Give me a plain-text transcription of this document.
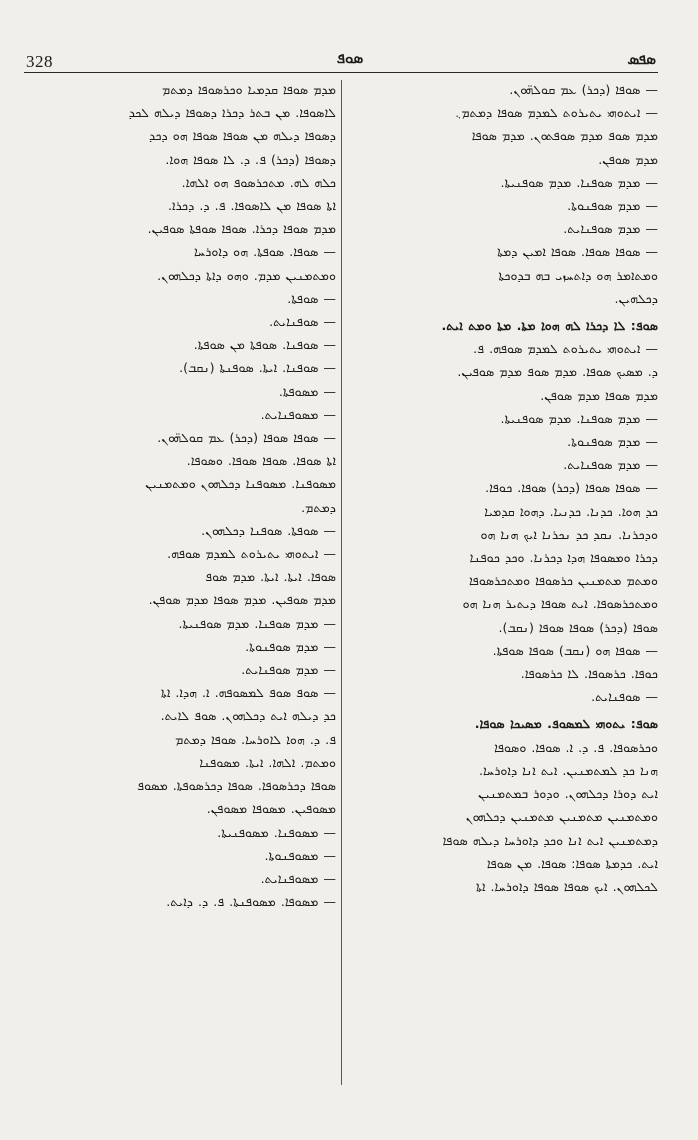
328	ܣܘܦ	ܣܦܣ
— ܣܘܦܐ (ܕܟܪ) ܥܡ ܩܘܠܗ̈ܘܢ.
— ܐܝܬܘܗܝ ܝܬܝܪܘܬ ܠܡܕܡ ܣܘܦܐ ܕܡܬܡ܆
ܡܕܡ ܣܘܦ ܡܕܡ ܣܘܦܬܘܢ. ܡܕܡ ܣܘܦܐ
ܡܕܡ ܣܘܦܢ.
— ܡܕܡ ܣܘܦܢܐ. ܡܕܡ ܣܘܦܢܝܬܐ.
— ܡܕܡ ܣܘܦܢܘܬܐ.
— ܡܕܡ ܣܘܦܢܐܝܬ.
— ܣܘܦܐ ܣܘܦܐ. ܣܘܦܐ ܐܡܝܢ ܕܡܬܐ
ܘܡܬܐܡܪ ܗܘ ܕܐܬܚܙܝ ܒܗ ܒܕܘܟܬܐ
ܕܟܠܗܝܢ.
ܣܘܦ: ܠܐ ܕܟܪܐ ܠܗ ܗܘܐ ܡܬܐ. ܡܬܐ ܘܡܬ ܐܝܬ.
— ܐܝܬܘܗܝ ܝܬܝܪܘܬ ܠܡܕܡ ܣܘܦܗ. ܦ.
ܕ. ܡܣܝܟ ܣܘܦܐ. ܡܕܡ ܣܘܦ ܡܕܡ ܣܘܦܝܢ.
ܡܕܡ ܣܘܦܐ ܡܕܡ ܣܘܦܢ.
— ܡܕܡ ܣܘܦܢܐ. ܡܕܡ ܣܘܦܢܝܬܐ.
— ܡܕܡ ܣܘܦܢܘܬܐ.
— ܡܕܡ ܣܘܦܢܐܝܬ.
— ܣܘܦܐ ܣܘܦܐ (ܕܟܪ) ܣܘܦܐ. ܟܘܦܐ.
ܟܕ ܗܘܐ. ܟܕܢܐ. ܟܕܢܝܐ. ܕܗܘܐ ܩܕܡܝܐ
ܘܕܟܪܢܐ. ܢܩܕ ܟܕ ܢܟܪܢܐ ܐܝܟ ܗܢܐ ܗܘ
ܕܟܪܐ ܘܡܣܘܦܐ ܗܕܐ ܕܟܪܢܐ. ܘܟܕ ܟܘܦܢܐ
ܘܡܬܡ ܡܬܡܢܝܢ ܟܪܣܘܦܐ ܘܡܬܟܪܣܘܦܐ
ܘܡܬܟܪܣܘܦܐ. ܐܝܬ ܣܘܦܐ ܕܝܬܝܪ ܗܢܐ ܗܘ
ܣܘܦܐ (ܕܟܪ) ܣܘܦܐ ܣܘܦܐ (ܢܩܒ).
— ܣܘܦܐ ܗܘ (ܢܩܒ) ܣܘܦܐ ܣܘܦܬܐ.
ܟܘܦܐ. ܟܪܣܘܦܐ. ܠܐ ܟܪܣܘܦܐ.
— ܣܘܦܢܐܝܬ.
ܣܘܦ: ܝܬܘܗܝ ܠܡܣܘܦ. ܡܣܝܟܐ ܣܘܦܐ.
ܘܟܪܣܘܦܐ. ܦ. ܕ. ܐ. ܣܘܦܐ. ܘܣܘܦܐ
ܗܢܐ ܟܕ ܠܡܬܡܢܝܢ. ܐܝܬ ܐܢܐ ܕܐܘܪܚܐ.
ܐܝܬ ܕܘܪܐ ܕܟܠܗܘܢ. ܘܕܘܪ ܒܡܬܡܢܝܢ
ܘܡܬܡܢܝܢ ܡܬܡܢܝܢ ܡܬܡܢܝܢ ܕܟܠܗܘܢ
ܕܡܬܡܢܝܢ ܐܝܬ ܐܢܐ ܘܟܕ ܕܐܘܪܚܐ ܕܝܠܗ ܣܘܦܐ
ܐܝܬ. ܟܕܡܬܐ ܣܘܦܐ: ܣܘܦܐ. ܡܢ ܣܘܦܐ
ܠܟܠܗܘܢ. ܐܝܟ ܣܘܦܐ ܣܘܦܐ ܕܐܘܪܚܐ. ܐܬܐ
ܡܕܡ ܣܘܦܐ ܩܕܡܝܐ ܘܟܪܣܘܦܐ ܕܡܬܡ
ܠܐܣܘܦܐ. ܡܢ ܒܬܪ ܕܟܪܐ ܕܣܘܦܐ ܕܝܠܗ ܠܟܕ
ܕܣܘܦܐ ܕܝܠܗ ܡܢ ܣܘܦܐ ܣܘܦܐ ܗܘ ܕܟܕ
ܕܣܘܦܐ (ܕܟܪ) ܦ. ܕ. ܠܐ ܣܘܦܐ ܗܘܐ.
ܟܠܗ ܠܗ. ܡܬܟܪܣܘܦ ܗܘ ܐܠܗܐ.
ܐܬܐ ܣܘܦܐ ܡܢ ܠܐܣܘܦܐ. ܦ. ܕ. ܕܟܪܐ.
ܡܕܡ ܣܘܦܐ ܕܟܪܐ. ܣܘܦܐ ܣܘܦܬܐ ܣܘܦܝܢ.
— ܣܘܦܐ. ܣܘܦܬܐ. ܗܘ ܕܐܘܪܚܐ
ܘܡܬܡܢܝܢ ܡܕܡ. ܘܗܘ ܕܐܬܐ ܕܟܠܗܘܢ.
— ܣܘܦܬܐ.
— ܣܘܦܢܐܝܬ.
— ܣܘܦܢܐ. ܣܘܦܬܐ ܡܢ ܣܘܦܬܐ.
— ܣܘܦܢܐ. ܐܝܬܐ. ܣܘܦܢܬܐ (ܢܩܒ).
— ܡܣܘܦܬܐ.
— ܡܣܘܦܢܐܝܬ.
— ܣܘܦܐ ܣܘܦܐ (ܕܟܪ) ܥܡ ܩܘܠܗ̈ܘܢ.
ܐܬܐ ܣܘܦܐ. ܣܘܦܐ ܣܘܦܐ. ܘܣܘܦܐ.
ܡܣܘܦܢܐ. ܡܣܘܦܢܐ ܕܟܠܗܘܢ ܘܡܬܡܢܝܢ
ܕܡܬܡ.
— ܣܘܦܬܐ. ܣܘܦܢܐ ܕܟܠܗܘܢ.
— ܐܝܬܘܗܝ ܝܬܝܪܘܬ ܠܡܕܡ ܣܘܦܗ.
ܣܘܦܐ. ܐܝܬܐ. ܐܝܬܐ. ܡܕܡ ܣܘܦ
ܡܕܡ ܣܘܦܝܢ. ܡܕܡ ܣܘܦܐ ܡܕܡ ܣܘܦܢ.
— ܡܕܡ ܣܘܦܢܐ. ܡܕܡ ܣܘܦܢܝܬܐ.
— ܡܕܡ ܣܘܦܢܘܬܐ.
— ܡܕܡ ܣܘܦܢܐܝܬ.
— ܣܘܦ ܣܘܦ ܠܡܣܘܦܗ. ܐ. ܗܕܐ. ܐܬܐ
ܟܕ ܕܝܠܗ ܐܝܬ ܕܟܠܗܘܢ. ܣܘܦ ܠܐܝܬ.
ܦ. ܕ. ܗܘܐ ܠܐܘܪܚܐ. ܣܘܦܐ ܕܡܬܡ
ܘܡܬܡ. ܐܠܗܐ. ܐܝܬܐ. ܡܣܘܦܢܐ
ܣܘܦܐ ܕܟܪܣܘܦܐ. ܣܘܦܐ ܕܟܪܣܘܦܬܐ. ܡܣܘܦ
ܡܣܘܦܝܢ. ܡܣܘܦܐ ܡܣܘܦܢ.
— ܡܣܘܦܢܐ. ܡܣܘܦܢܝܬܐ.
— ܡܣܘܦܢܘܬܐ.
— ܡܣܘܦܢܐܝܬ.
— ܡܣܘܦܐ. ܡܣܘܦܢܬܐ. ܦ. ܕ. ܕܐܝܬ.
